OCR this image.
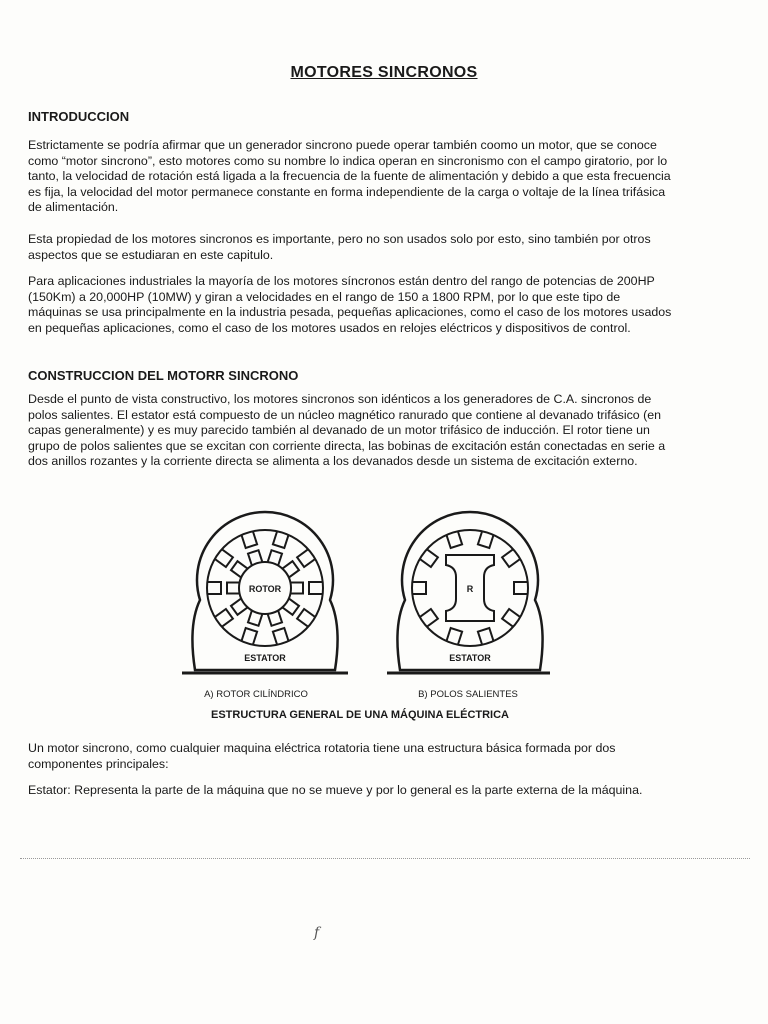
MOTORES SINCRONOS
INTRODUCCION

Estrictamente se podría afirmar que un generador sincrono puede operar también coomo un motor, que se conoce como “motor sincrono”, esto motores como su nombre lo indica operan en sincronismo con el campo giratorio, por lo tanto, la velocidad de rotación está ligada a la frecuencia de la fuente de alimentación y debido a que esta frecuencia es fija, la velocidad del motor permanece constante en forma independiente de la carga o voltaje de la línea trifásica de alimentación.

Esta propiedad de los motores sincronos es importante, pero no son usados solo por esto, sino también por otros aspectos que se estudiaran en este capitulo.

Para aplicaciones industriales la mayoría de los motores síncronos están dentro del rango de potencias de 200HP (150Km) a 20,000HP (10MW) y giran a velocidades en el rango de 150 a 1800 RPM, por lo que este tipo de máquinas se usa principalmente en la industria pesada, pequeñas aplicaciones, como el caso de los motores usados en pequeñas aplicaciones, como el caso de los motores usados en relojes eléctricos y dispositivos de control.

CONSTRUCCION DEL MOTORR SINCRONO

Desde el punto de vista constructivo, los motores sincronos son idénticos a los generadores de C.A. sincronos de polos salientes. El estator está compuesto de un núcleo magnético ranurado que contiene al devanado trifásico (en capas generalmente) y es muy parecido también al devanado de un motor trifásico de inducción. El rotor tiene un grupo de polos salientes que se excitan con corriente directa, las bobinas de excitación están conectadas en serie a dos anillos rozantes y la corriente directa se alimenta a los devanados desde un sistema de excitación externo.

ROTOR
ESTATOR
R
ESTATOR
A) ROTOR CILÍNDRICO	B) POLOS SALIENTES
ESTRUCTURA GENERAL DE UNA MÁQUINA ELÉCTRICA

Un motor sincrono, como cualquier maquina eléctrica rotatoria tiene una estructura básica formada por dos componentes principales:

Estator: Representa la parte de la máquina que no se mueve y por lo general es la parte externa de la máquina.

f
